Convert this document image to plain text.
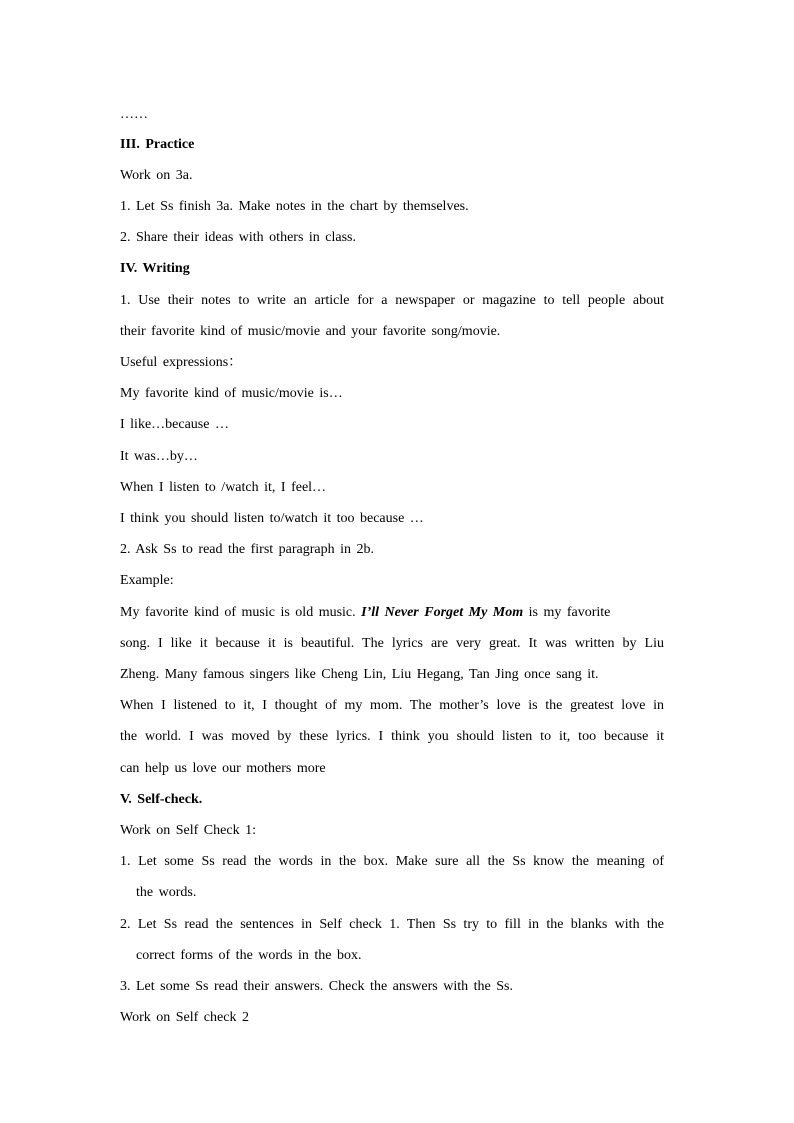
……
III. Practice
Work on 3a.
1. Let Ss finish 3a. Make notes in the chart by themselves.
2. Share their ideas with others in class.
IV. Writing
1. Use their notes to write an article for a newspaper or magazine to tell people about
their favorite kind of music/movie and your favorite song/movie.
Useful expressions：
My favorite kind of music/movie is…
I like…because …
It was…by…
When I listen to /watch it, I feel…
I think you should listen to/watch it too because …
2. Ask Ss to read the first paragraph in 2b.
Example:
My favorite kind of music is old music. I’ll Never Forget My Mom is my favorite
song. I like it because it is beautiful. The lyrics are very great. It was written by Liu
Zheng. Many famous singers like Cheng Lin, Liu Hegang, Tan Jing once sang it.
When I listened to it, I thought of my mom. The mother’s love is the greatest love in
the world. I was moved by these lyrics. I think you should listen to it, too because it
can help us love our mothers more
V. Self-check.
Work on Self Check 1:
1. Let some Ss read the words in the box. Make sure all the Ss know the meaning of
the words.
2. Let Ss read the sentences in Self check 1. Then Ss try to fill in the blanks with the
correct forms of the words in the box.
3. Let some Ss read their answers. Check the answers with the Ss.
Work on Self check 2
